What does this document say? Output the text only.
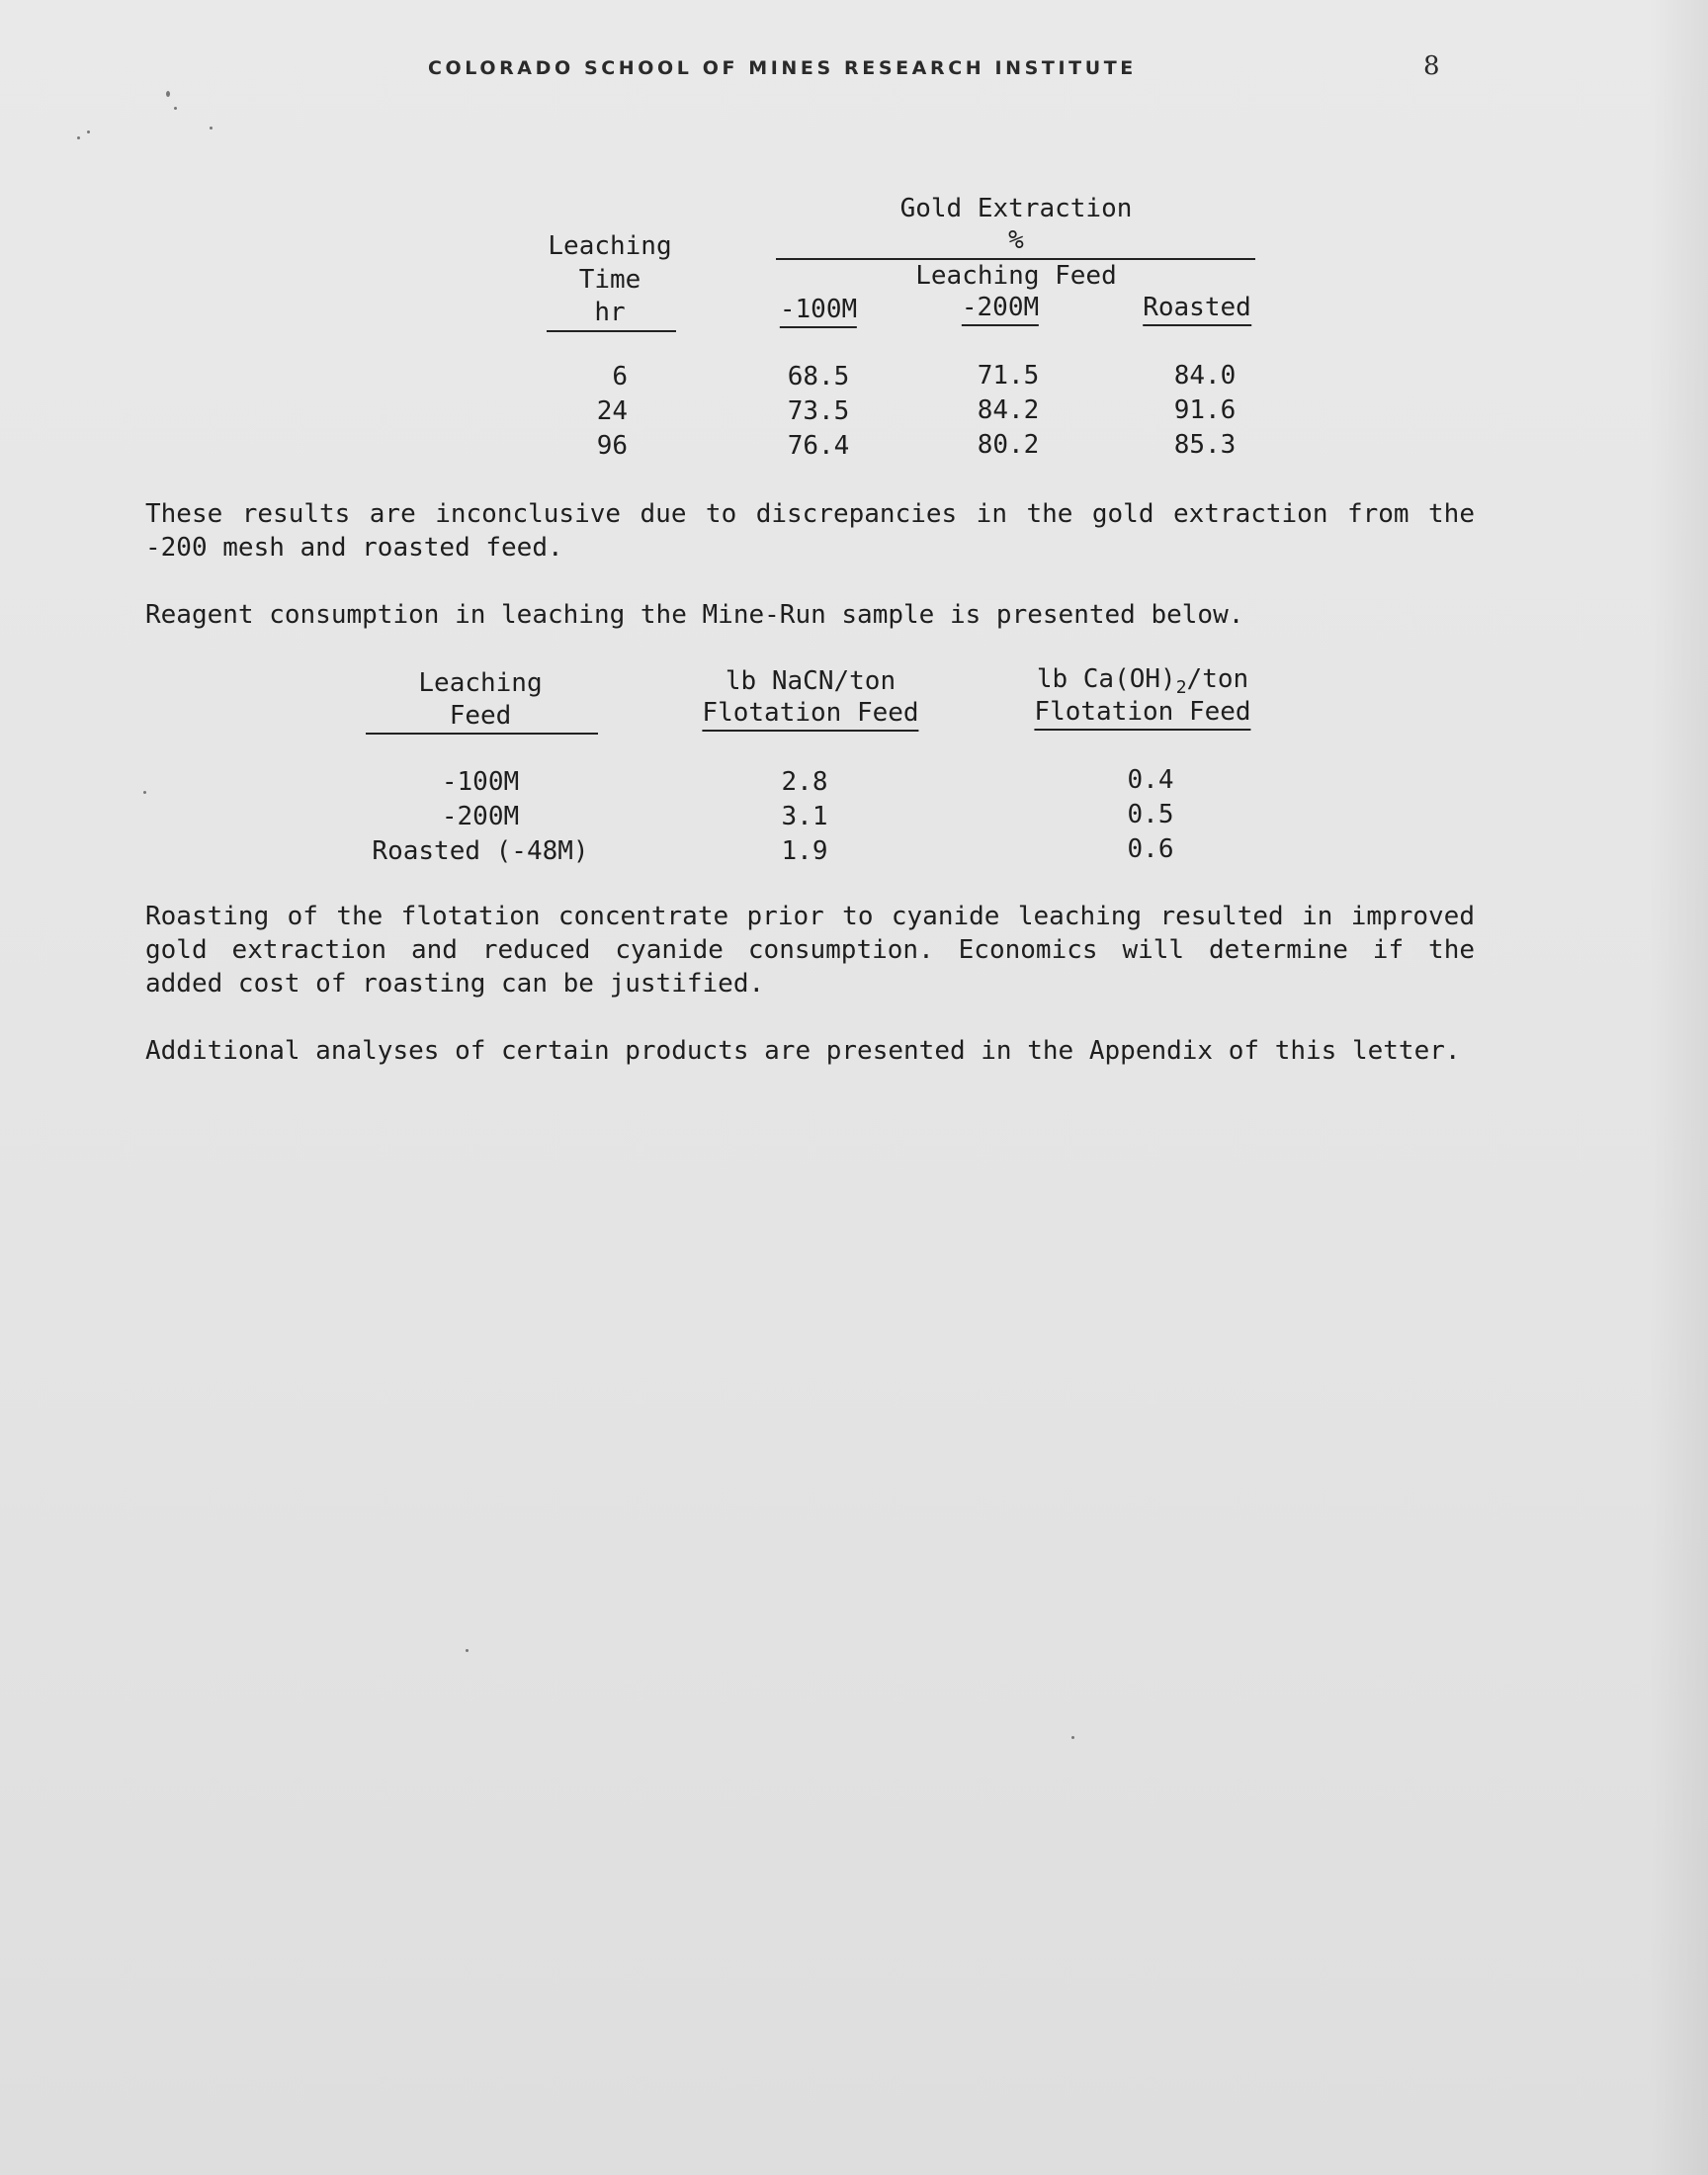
COLORADO SCHOOL OF MINES RESEARCH INSTITUTE	8
Gold Extraction
%
Leaching
Time
hr
Leaching Feed
-100M	-200M	Roasted
6	68.5	71.5	84.0
24	73.5	84.2	91.6
96	76.4	80.2	85.3
These results are inconclusive due to discrepancies in the gold extraction from the -200 mesh and roasted feed.
Reagent consumption in leaching the Mine-Run sample is presented below.
Leaching
Feed
lb NaCN/ton
Flotation Feed
lb $Ca(OH)_2$/ton
Flotation Feed
-100M	2.8	0.4
-200M	3.1	0.5
Roasted (-48M)	1.9	0.6
Roasting of the flotation concentrate prior to cyanide leaching resulted in improved gold extraction and reduced cyanide consumption. Economics will determine if the added cost of roasting can be justified.
Additional analyses of certain products are presented in the Appendix of this letter.
